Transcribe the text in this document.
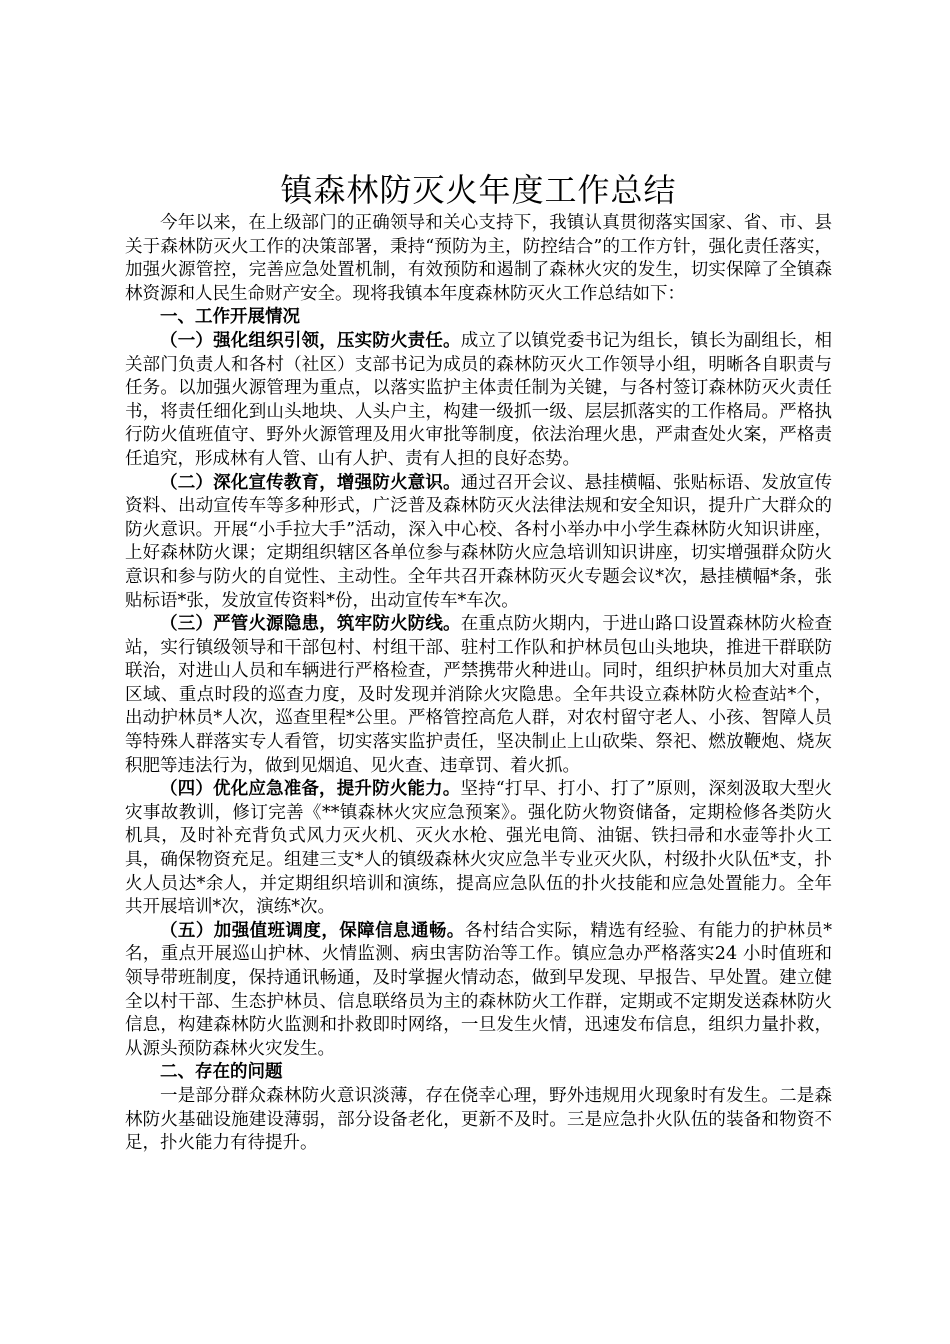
镇森林防灭火年度工作总结

今年以来，在上级部门的正确领导和关心支持下，我镇认真贯彻落实国家、省、市、县关于森林防灭火工作的决策部署，秉持“预防为主，防控结合”的工作方针，强化责任落实，加强火源管控，完善应急处置机制，有效预防和遏制了森林火灾的发生，切实保障了全镇森林资源和人民生命财产安全。现将我镇本年度森林防灭火工作总结如下：

一、工作开展情况

（一）强化组织引领，压实防火责任。成立了以镇党委书记为组长，镇长为副组长，相关部门负责人和各村（社区）支部书记为成员的森林防灭火工作领导小组，明晰各自职责与任务。以加强火源管理为重点，以落实监护主体责任制为关键，与各村签订森林防灭火责任书，将责任细化到山头地块、人头户主，构建一级抓一级、层层抓落实的工作格局。严格执行防火值班值守、野外火源管理及用火审批等制度，依法治理火患，严肃查处火案，严格责任追究，形成林有人管、山有人护、责有人担的良好态势。

（二）深化宣传教育，增强防火意识。通过召开会议、悬挂横幅、张贴标语、发放宣传资料、出动宣传车等多种形式，广泛普及森林防灭火法律法规和安全知识，提升广大群众的防火意识。开展“小手拉大手”活动，深入中心校、各村小举办中小学生森林防火知识讲座，上好森林防火课；定期组织辖区各单位参与森林防火应急培训知识讲座，切实增强群众防火意识和参与防火的自觉性、主动性。全年共召开森林防灭火专题会议*次，悬挂横幅*条，张贴标语*张，发放宣传资料*份，出动宣传车*车次。

（三）严管火源隐患，筑牢防火防线。在重点防火期内，于进山路口设置森林防火检查站，实行镇级领导和干部包村、村组干部、驻村工作队和护林员包山头地块，推进干群联防联治，对进山人员和车辆进行严格检查，严禁携带火种进山。同时，组织护林员加大对重点区域、重点时段的巡查力度，及时发现并消除火灾隐患。全年共设立森林防火检查站*个，出动护林员*人次，巡查里程*公里。严格管控高危人群，对农村留守老人、小孩、智障人员等特殊人群落实专人看管，切实落实监护责任，坚决制止上山砍柴、祭祀、燃放鞭炮、烧灰积肥等违法行为，做到见烟追、见火查、违章罚、着火抓。

（四）优化应急准备，提升防火能力。坚持“打早、打小、打了”原则，深刻汲取大型火灾事故教训，修订完善《**镇森林火灾应急预案》。强化防火物资储备，定期检修各类防火机具，及时补充背负式风力灭火机、灭火水枪、强光电筒、油锯、铁扫帚和水壶等扑火工具，确保物资充足。组建三支*人的镇级森林火灾应急半专业灭火队，村级扑火队伍*支，扑火人员达*余人，并定期组织培训和演练，提高应急队伍的扑火技能和应急处置能力。全年共开展培训*次，演练*次。

（五）加强值班调度，保障信息通畅。各村结合实际，精选有经验、有能力的护林员*名，重点开展巡山护林、火情监测、病虫害防治等工作。镇应急办严格落实24 小时值班和领导带班制度，保持通讯畅通，及时掌握火情动态，做到早发现、早报告、早处置。建立健全以村干部、生态护林员、信息联络员为主的森林防火工作群，定期或不定期发送森林防火信息，构建森林防火监测和扑救即时网络，一旦发生火情，迅速发布信息，组织力量扑救，从源头预防森林火灾发生。

二、存在的问题

一是部分群众森林防火意识淡薄，存在侥幸心理，野外违规用火现象时有发生。二是森林防火基础设施建设薄弱，部分设备老化，更新不及时。三是应急扑火队伍的装备和物资不足，扑火能力有待提升。
